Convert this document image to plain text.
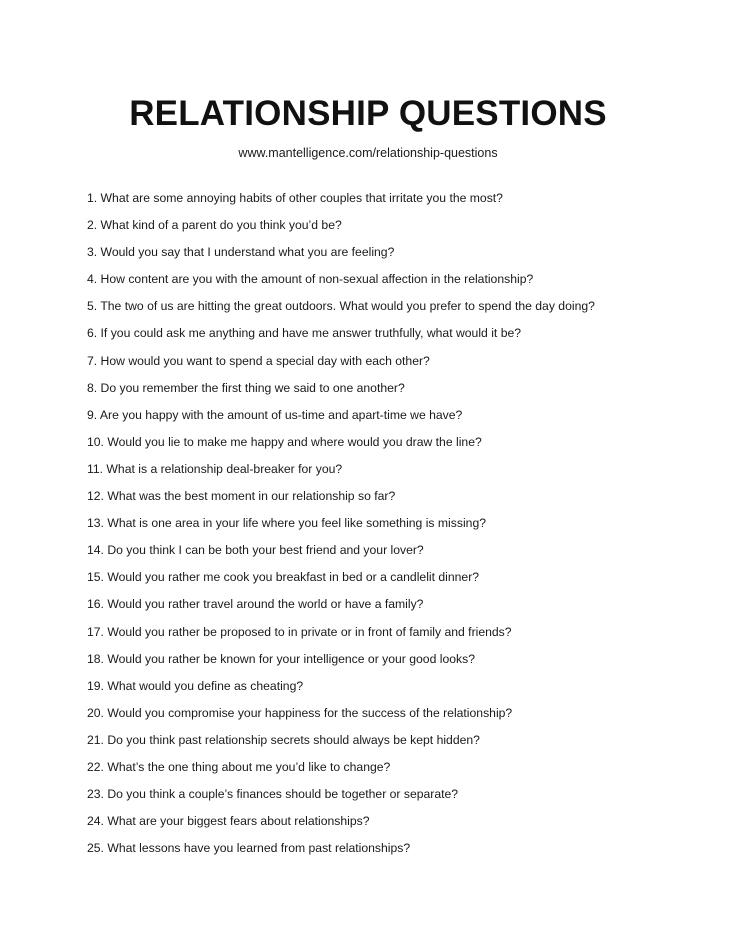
RELATIONSHIP QUESTIONS
www.mantelligence.com/relationship-questions
1. What are some annoying habits of other couples that irritate you the most?
2. What kind of a parent do you think you’d be?
3. Would you say that I understand what you are feeling?
4. How content are you with the amount of non-sexual affection in the relationship?
5. The two of us are hitting the great outdoors. What would you prefer to spend the day doing?
6. If you could ask me anything and have me answer truthfully, what would it be?
7. How would you want to spend a special day with each other?
8. Do you remember the first thing we said to one another?
9. Are you happy with the amount of us-time and apart-time we have?
10. Would you lie to make me happy and where would you draw the line?
11. What is a relationship deal-breaker for you?
12. What was the best moment in our relationship so far?
13. What is one area in your life where you feel like something is missing?
14. Do you think I can be both your best friend and your lover?
15. Would you rather me cook you breakfast in bed or a candlelit dinner?
16. Would you rather travel around the world or have a family?
17. Would you rather be proposed to in private or in front of family and friends?
18. Would you rather be known for your intelligence or your good looks?
19. What would you define as cheating?
20. Would you compromise your happiness for the success of the relationship?
21. Do you think past relationship secrets should always be kept hidden?
22. What’s the one thing about me you’d like to change?
23. Do you think a couple’s finances should be together or separate?
24. What are your biggest fears about relationships?
25. What lessons have you learned from past relationships?
